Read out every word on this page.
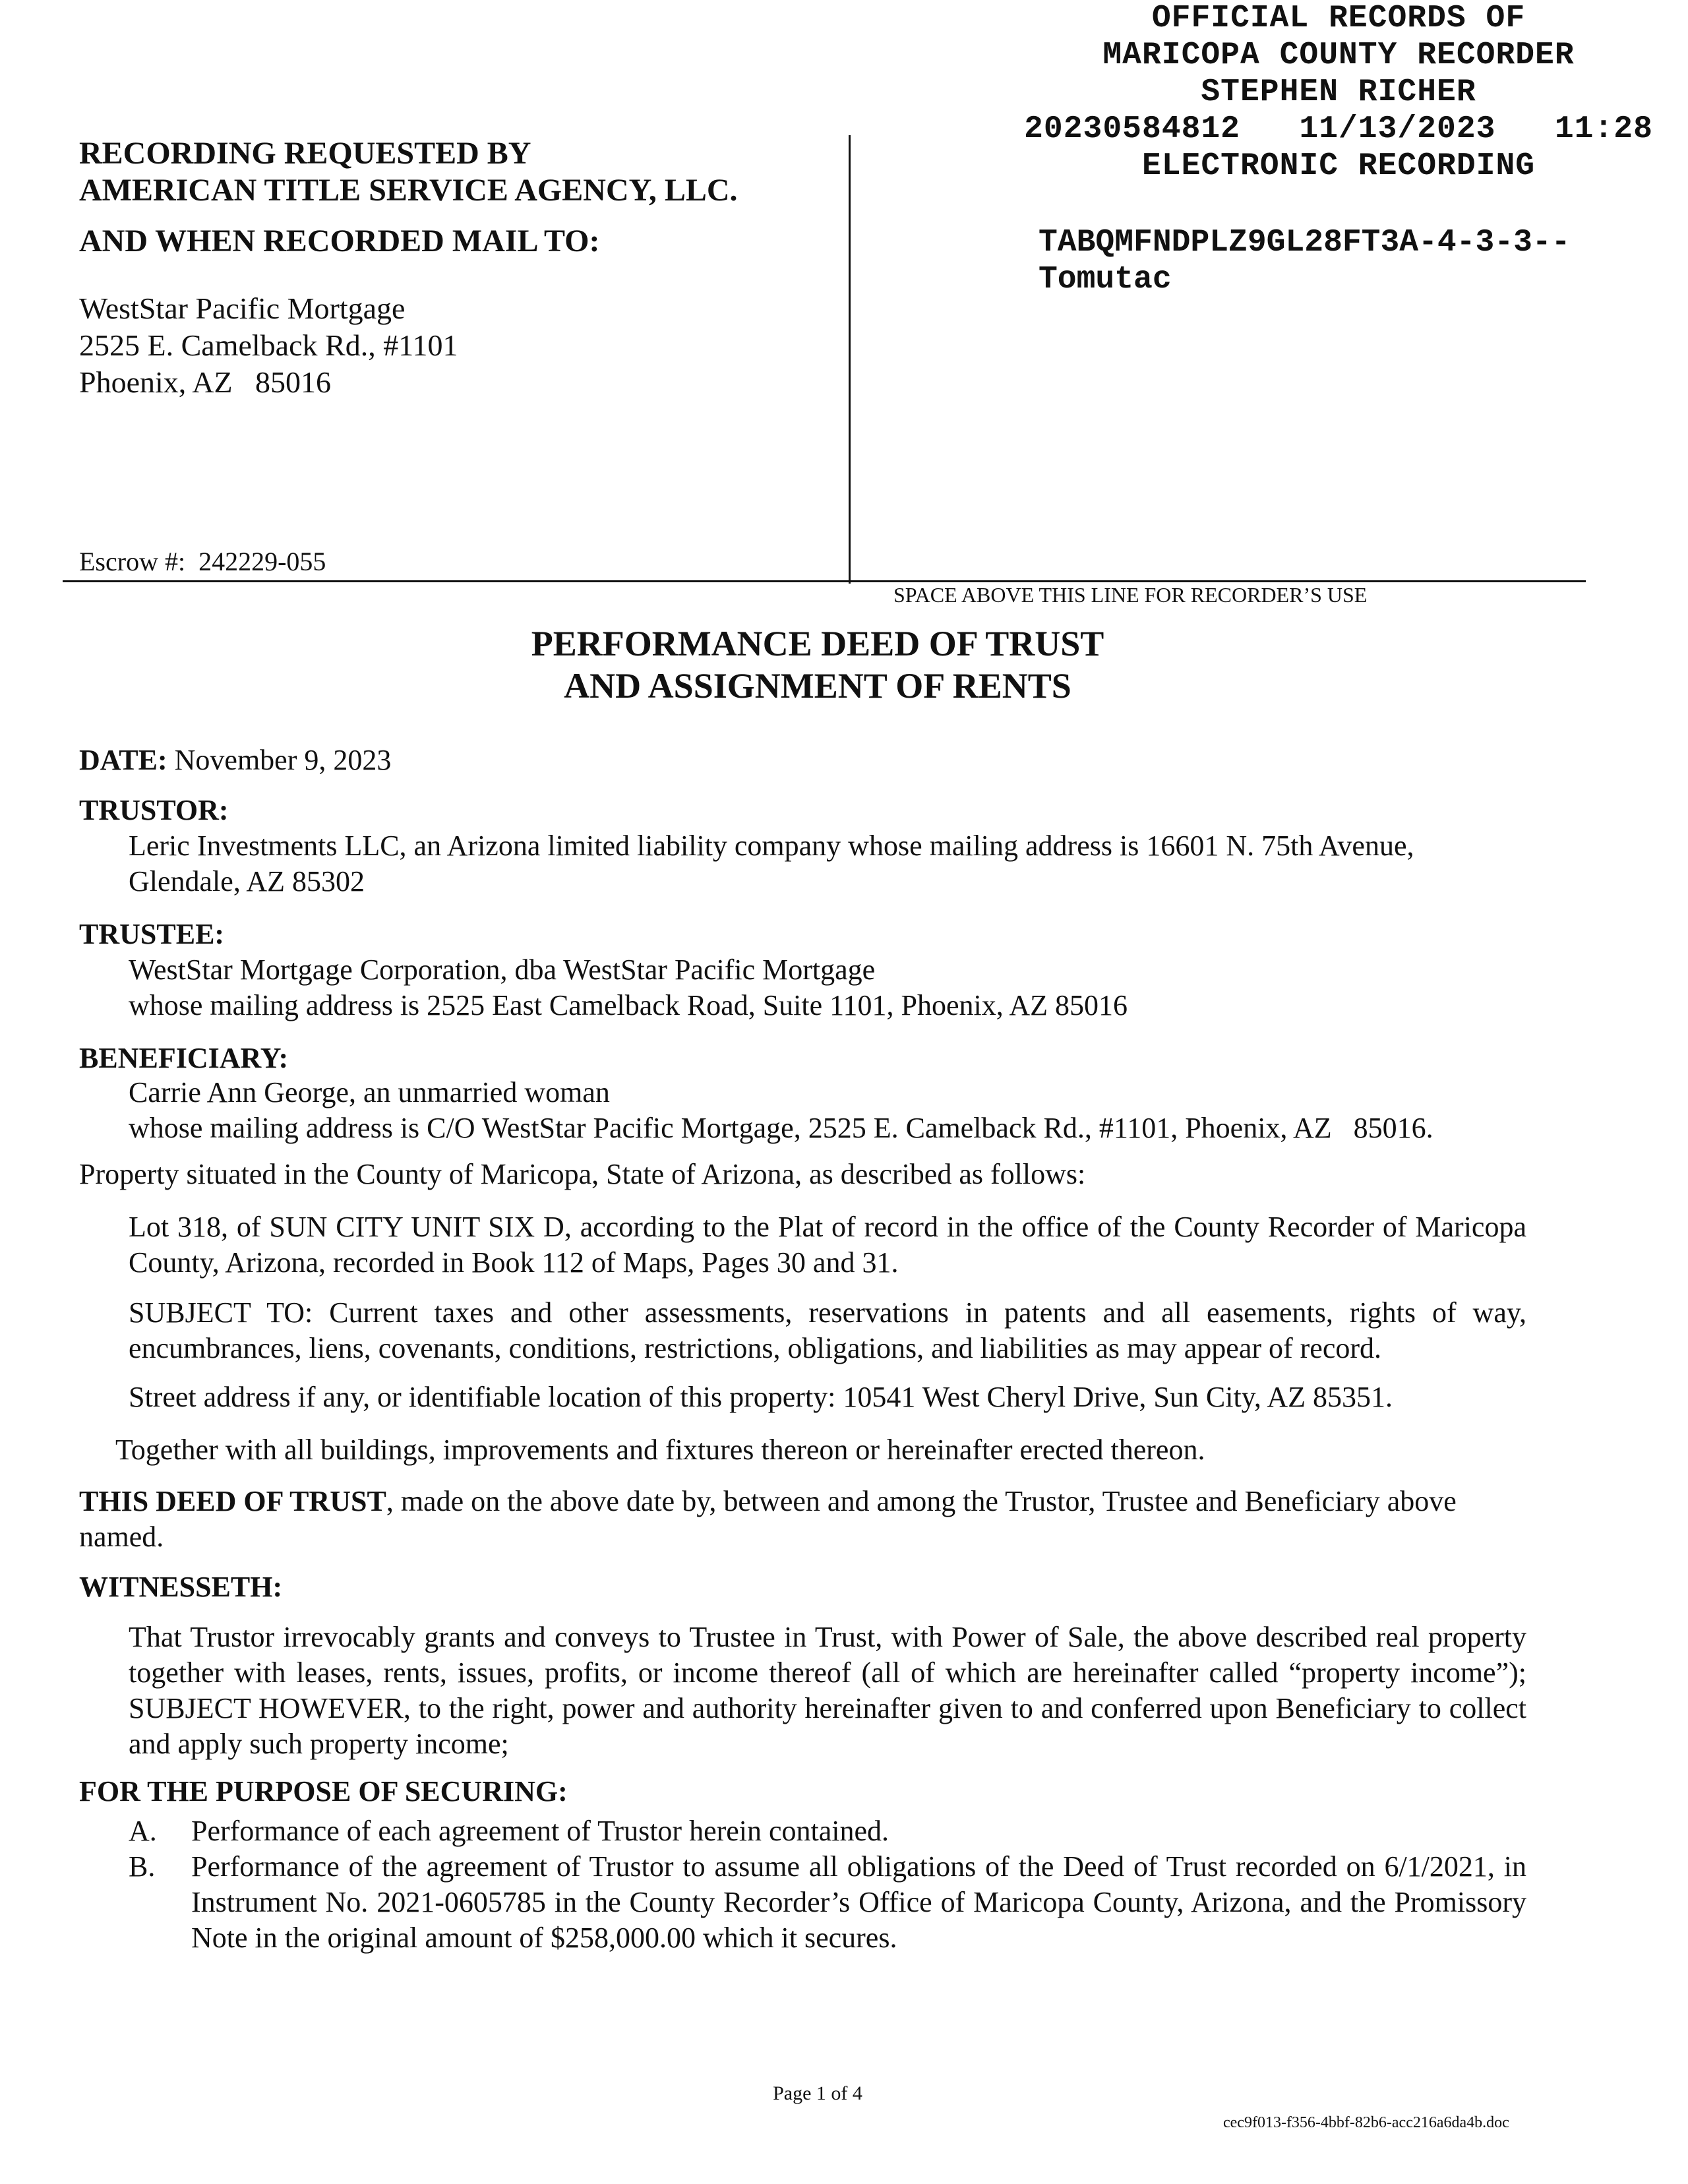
RECORDING REQUESTED BY
AMERICAN TITLE SERVICE AGENCY, LLC.
AND WHEN RECORDED MAIL TO:
WestStar Pacific Mortgage
2525 E. Camelback Rd., #1101
Phoenix, AZ   85016
Escrow #:  242229-055
SPACE ABOVE THIS LINE FOR RECORDER’S USE
OFFICIAL RECORDS OF
MARICOPA COUNTY RECORDER
STEPHEN RICHER
20230584812   11/13/2023   11:28
ELECTRONIC RECORDING
TABQMFNDPLZ9GL28FT3A-4-3-3--
Tomutac
PERFORMANCE DEED OF TRUST
AND ASSIGNMENT OF RENTS
DATE: November 9, 2023
TRUSTOR:
Leric Investments LLC, an Arizona limited liability company whose mailing address is 16601 N. 75th Avenue, Glendale, AZ 85302
TRUSTEE:
WestStar Mortgage Corporation, dba WestStar Pacific Mortgage
whose mailing address is 2525 East Camelback Road, Suite 1101, Phoenix, AZ 85016
BENEFICIARY:
Carrie Ann George, an unmarried woman
whose mailing address is C/O WestStar Pacific Mortgage, 2525 E. Camelback Rd., #1101, Phoenix, AZ   85016.
Property situated in the County of Maricopa, State of Arizona, as described as follows:
Lot 318, of SUN CITY UNIT SIX D, according to the Plat of record in the office of the County Recorder of Maricopa County, Arizona, recorded in Book 112 of Maps, Pages 30 and 31.
SUBJECT TO: Current taxes and other assessments, reservations in patents and all easements, rights of way, encumbrances, liens, covenants, conditions, restrictions, obligations, and liabilities as may appear of record.
Street address if any, or identifiable location of this property: 10541 West Cheryl Drive, Sun City, AZ 85351.
Together with all buildings, improvements and fixtures thereon or hereinafter erected thereon.
THIS DEED OF TRUST, made on the above date by, between and among the Trustor, Trustee and Beneficiary above named.
WITNESSETH:
That Trustor irrevocably grants and conveys to Trustee in Trust, with Power of Sale, the above described real property together with leases, rents, issues, profits, or income thereof (all of which are hereinafter called “property income”); SUBJECT HOWEVER, to the right, power and authority hereinafter given to and conferred upon Beneficiary to collect and apply such property income;
FOR THE PURPOSE OF SECURING:
A.	Performance of each agreement of Trustor herein contained.
B.	Performance of the agreement of Trustor to assume all obligations of the Deed of Trust recorded on 6/1/2021, in Instrument No. 2021-0605785 in the County Recorder’s Office of Maricopa County, Arizona, and the Promissory Note in the original amount of $258,000.00 which it secures.
Page 1 of 4
cec9f013-f356-4bbf-82b6-acc216a6da4b.doc
